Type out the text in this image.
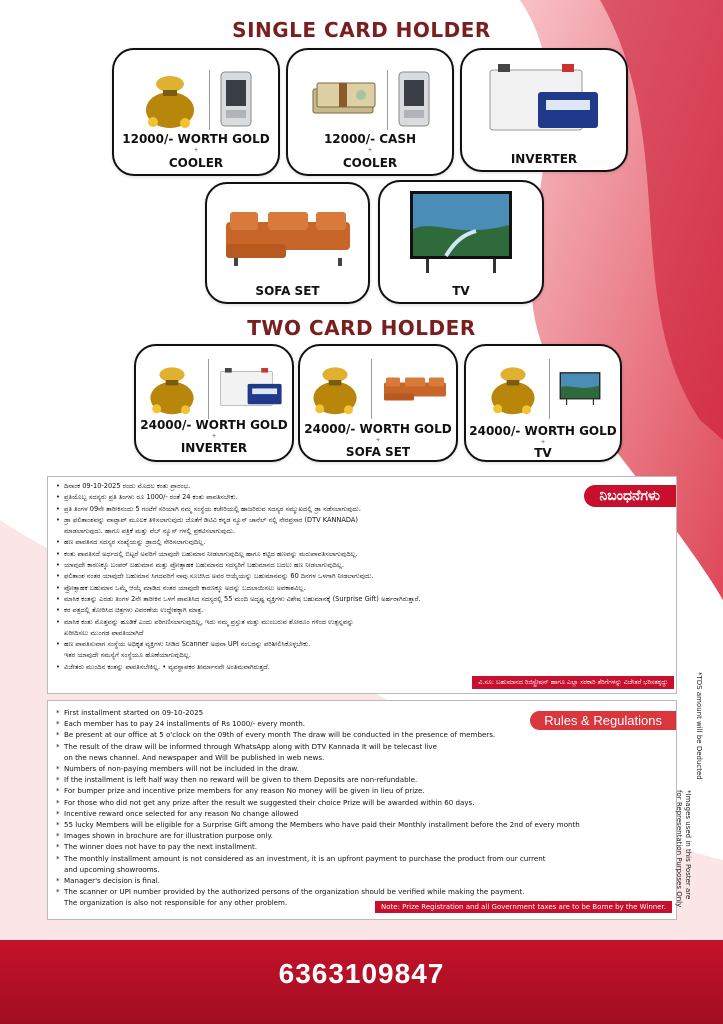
SINGLE CARD HOLDER
12000/- WORTH GOLD
+
COOLER
12000/- CASH
+
COOLER	INVERTER
SOFA SET	TV
TWO CARD HOLDER
24000/- WORTH GOLD
+
INVERTER
24000/- WORTH GOLD
+
SOFA SET
24000/- WORTH GOLD
+
TV
ನಿಬಂಧನೆಗಳು
• ದಿನಾಂಕ 09-10-2025 ರಂದು ಮೊದಲ ಕಂತು ಪ್ರಾರಂಭ.
• ಪ್ರತಿಯೊಬ್ಬ ಸದಸ್ಯರು ಪ್ರತಿ ತಿಂಗಳು ರೂ 1000/- ರಂತೆ 24 ಕಂತು ಪಾವತಿಸಬೇಕು.
• ಪ್ರತಿ ತಿಂಗಳ 09ನೇ ತಾರೀಕಿನಂದು 5 ಗಂಟೆಗೆ ಸರಿಯಾಗಿ ನಮ್ಮ ಸಂಸ್ಥೆಯ ಕಚೇರಿಯಲ್ಲಿ ಹಾಜರಿರುವ ಸದಸ್ಯರ ಸಮ್ಮುಖದಲ್ಲಿ ಡ್ರಾ ನಡೆಸಲಾಗುವುದು.
• ಡ್ರಾ ಫಲಿತಾಂಶವನ್ನು ವಾಟ್ಸಾಪ್ ಮೂಲಕ ತಿಳಿಸಲಾಗುವುದು ಜೊತೆಗೆ ಡಿಟಿವಿ ಕನ್ನಡ ನ್ಯೂಸ್ ಚಾನೆಲ್ ನಲ್ಲಿ ನೇರಪ್ರಸಾರ (DTV KANNADA)
ಮಾಡಲಾಗುವುದು. ಹಾಗೂ ಪತ್ರಿಕೆ ಮತ್ತು ವೆಬ್ ನ್ಯೂಸ್ ಗಳಲ್ಲಿ ಪ್ರಕಟಿಸಲಾಗುವುದು.
• ಹಣ ಪಾವತಿಸದ ಸದಸ್ಯರ ಸಂಖ್ಯೆಯನ್ನು ಡ್ರಾದಲ್ಲಿ ಸೇರಿಸಲಾಗುವುದಿಲ್ಲ.
• ಕಂತು ಪಾವತಿಸದೆ ಅರ್ಧದಲ್ಲಿ ಬಿಟ್ಟರೆ ಅವರಿಗೆ ಯಾವುದೇ ಬಹುಮಾನ ನೀಡಲಾಗುವುದಿಲ್ಲ ಹಾಗೂ ಕಟ್ಟಿದ ಹಣವನ್ನು ಮರುಪಾವತಿಸಲಾಗುವುದಿಲ್ಲ.
• ಯಾವುದೇ ಕಾರಣಕ್ಕೂ ಬಂಪರ್ ಬಹುಮಾನ ಮತ್ತು ಪ್ರೋತ್ಸಾಹಕ ಬಹುಮಾನದ ಸದಸ್ಯರಿಗೆ ಬಹುಮಾನದ ಬದಲು ಹಣ ನೀಡಲಾಗುವುದಿಲ್ಲ.
• ಫಲಿತಾಂಶ ನಂತರ ಯಾವುದೇ ಬಹುಮಾನ ಸಿಗದವರಿಗೆ ನಾವು ಸೂಚಿಸಿದ ಅವರ ಆಯ್ಕೆಯನ್ನು ಬಹುಮಾನವನ್ನು 60 ದಿನಗಳ ಒಳಗಾಗಿ ನೀಡಲಾಗುವುದು.
• ಪ್ರೋತ್ಸಾಹಕ ಬಹುಮಾನ ಒಮ್ಮೆ ಆಯ್ಕೆ ಮಾಡಿದ ನಂತರ ಯಾವುದೇ ಕಾರಣಕ್ಕೂ ಅದನ್ನು ಬದಲಾಯಿಸಲು ಅವಕಾಶವಿಲ್ಲ.
• ಮಾಸಿಕ ಕಂತನ್ನು ಎರಡು ತಿಂಗಳ 2ನೇ ತಾರೀಕಿನ ಒಳಗೆ ಪಾವತಿಸಿದ ಸದಸ್ಯರಲ್ಲಿ 55 ಮಂದಿ ಅದೃಷ್ಟ ವ್ಯಕ್ತಿಗಳು ವಿಶೇಷ ಬಹುಮಾನಕ್ಕೆ (Surprise Gift) ಅರ್ಹರಾಗಿರುತ್ತಾರೆ.
• ಕರ ಪತ್ರದಲ್ಲಿ ತೋರಿಸಿದ ಚಿತ್ರಗಳು ವಿವರಣೆಯ ಉದ್ದೇಶಕ್ಕಾಗಿ ಮಾತ್ರ.
• ಮಾಸಿಕ ಕಂತು ಮೊತ್ತವನ್ನು ಹೂಡಿಕೆ ಎಂದು ಪರಿಗಣಿಸಲಾಗುವುದಿಲ್ಲ, ಇದು ನಮ್ಮ ಪ್ರಸ್ತುತ ಮತ್ತು ಮುಂಬರುವ ಶೋರೂಂ ಗಳಿಂದ ಉತ್ಪನ್ನವನ್ನು
ಖರೀದಿಸಲು ಮುಂಗಡ ಪಾವತಿಯಾಗಿದೆ
• ಹಣ ಪಾವತಿಸುವಾಗ ಸಂಸ್ಥೆಯ ಅಧಿಕೃತ ವ್ಯಕ್ತಿಗಳು ನೀಡಿದ Scanner ಅಥವಾ UPI ನಂಬರನ್ನು ಪರಿಶೀಲಿಸಿಕೊಳ್ಳಬೇಕು.
ಇತರ ಯಾವುದೇ ಸಮಸ್ಯೆಗೆ ಸಂಸ್ಥೆಯೂ ಹೊಣೆಯಾಗುವುದಿಲ್ಲ.
• ವಿಜೇತರು ಮುಂದಿನ ಕಂತನ್ನು ಪಾವತಿಸಬೇಕಿಲ್ಲ. • ವ್ಯವಸ್ಥಾಪಕರ ತೀರ್ಮಾನವೇ ಅಂತಿಮವಾಗಿರುತ್ತದೆ.
ವಿ.ಸೂ: ಬಹುಮಾನದ ರಿಜಿಸ್ಟ್ರೇಷನ್ ಹಾಗೂ ಎಲ್ಲಾ ಸರಕಾರಿ ತೆರಿಗೆಗಳನ್ನು ವಿಜೇತರೆ ಭರಿಸತಕ್ಕದ್ದು
Rules & Regulations
* First installment started on 09-10-2025
* Each member has to pay 24 installments of Rs 1000/- every month.
* Be present at our office at 5 o'clock on the 09th of every month The draw will be conducted in the presence of members.
* The result of the draw will be informed through WhatsApp along with DTV Kannada It will be telecast live
on the news channel. And newspaper and Will be published in web news.
* Numbers of non-paying members will not be included in the draw.
* If the installment is left half way then no reward will be given to them Deposits are non-refundable.
* For bumper prize and incentive prize members for any reason No money will be given in lieu of prize.
* For those who did not get any prize after the result we suggested their choice Prize will be awarded within 60 days.
* Incentive reward once selected for any reason No change allowed
* 55 lucky Members will be eligible for a Surprise Gift among the Members who have paid their Monthly installment before the 2nd of every month
* Images shown in brochure are for illustration purpose only.
* The winner does not have to pay the next installment.
* The monthly installment amount is not considered as an investment, it is an upfront payment to purchase the product from our current
and upcoming showrooms.
* Manager's decision is final.
* The scanner or UPI number provided by the authorized persons of the organization should be verified while making the payment.
The organization is also not responsible for any other problem.	Note: Prize Registration and all Government taxes are to be Borne by the Winner.
*TDS amount will be Deducted
*Images used in this Poster are
for Representation Purposes Only
6363109847
